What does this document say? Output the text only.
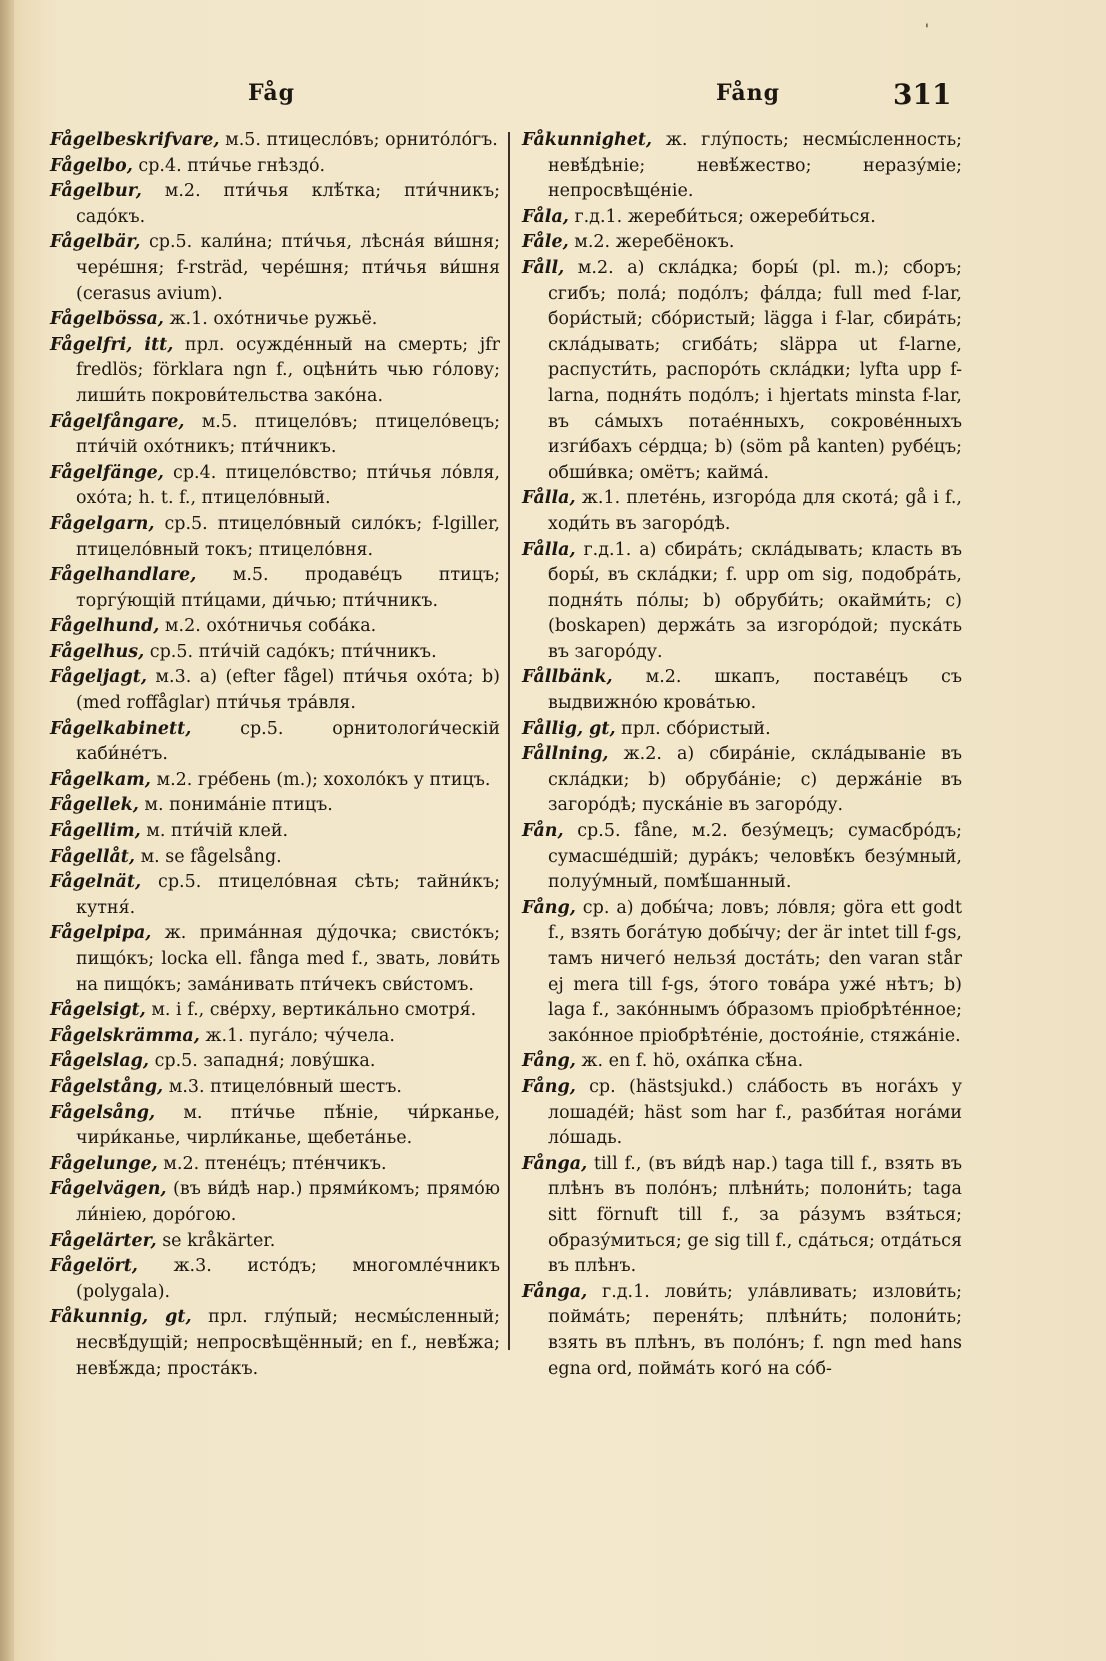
'
Fåg	Fång	311
Fågelbeskrifvare, м.5. птицесло́въ; орнито́ло́гъ.
Fågelbo, ср.4. пти́чье гнѣздо́.
Fågelbur, м.2. пти́чья клѣ́тка; пти́чникъ; садо́къ.
Fågelbär, ср.5. кали́на; пти́чья, лѣсна́я ви́шня; чере́шня; f-rsträd, чере́шня; пти́чья ви́шня (cerasus avium).
Fågelbössa, ж.1. охо́тничье ружьё.
Fågelfri, itt, прл. осужде́нный на смерть; jfr fredlös; förklara ngn f., оцѣни́ть чью го́лову; лиши́ть покрови́тельства зако́на.
Fågelfångare, м.5. птицело́въ; птицело́вецъ; пти́чій охо́тникъ; пти́чникъ.
Fågelfänge, ср.4. птицело́вство; пти́чья ло́вля, охо́та; h. t. f., птицело́вный.
Fågelgarn, ср.5. птицело́вный сило́къ; f-lgiller, птицело́вный токъ; птицело́вня.
Fågelhandlare, м.5. продаве́цъ птицъ; торгу́ющій пти́цами, ди́чью; пти́чникъ.
Fågelhund, м.2. охо́тничья соба́ка.
Fågelhus, ср.5. пти́чій садо́къ; пти́чникъ.
Fågeljagt, м.3. a) (efter fågel) пти́чья охо́та; b) (med roffåglar) пти́чья тра́вля.
Fågelkabinett, ср.5. орнитологи́ческій каби́не́тъ.
Fågelkam, м.2. гре́бень (m.); хохоло́къ у птицъ.
Fågellek, м. понима́ніе птицъ.
Fågellim, м. пти́чій клей.
Fågellåt, м. se fågelsång.
Fågelnät, ср.5. птицело́вная сѣть; тайни́къ; кутня́.
Fågelpipa, ж. прима́нная ду́дочка; свисто́къ; пищо́къ; locka ell. fånga med f., звать, лови́ть на пищо́къ; зама́нивать пти́чекъ сви́стомъ.
Fågelsigt, м. i f., све́рху, вертика́льно смотря́.
Fågelskrämma, ж.1. пуга́ло; чу́чела.
Fågelslag, ср.5. западня́; лову́шка.
Fågelstång, м.3. птицело́вный шестъ.
Fågelsång, м. пти́чье пѣ́ніе, чи́рканье, чири́канье, чирли́канье, щебета́нье.
Fågelunge, м.2. птене́цъ; птéнчикъ.
Fågelvägen, (въ ви́дѣ нар.) прями́комъ; прямо́ю ли́ніею, доро́гою.
Fågelärter, se kråkärter.
Fågelört, ж.3. исто́дъ; многомле́чникъ (polygala).
Fåkunnig, gt, прл. глу́пый; несмы́сленный; несвѣ́дущій; непросвѣщённый; en f., невѣ́жа; невѣ́жда; проста́къ.
Fåkunnighet, ж. глу́пость; несмы́сленность; невѣ́дѣніе; невѣ́жество; неразу́міе; непросвѣще́ніе.
Fåla, г.д.1. жереби́ться; ожереби́ться.
Fåle, м.2. жеребёнокъ.
Fåll, м.2. a) скла́дка; боры́ (pl. m.); сборъ; сгибъ; пола́; подо́лъ; фа́лда; full med f-lar, бори́стый; сбо́ристый; lägga i f-lar, сбира́ть; скла́дывать; сгиба́ть; släppa ut f-larne, распусти́ть, распоро́ть скла́дки; lyfta upp f-larna, подня́ть подо́лъ; i hjertats minsta f-lar, въ са́мыхъ потае́нныхъ, сокрове́нныхъ изги́бахъ се́рдца; b) (söm på kanten) рубе́цъ; обши́вка; омётъ; кайма́.
Fålla, ж.1. плете́нь, изгоро́да для скота́; gå i f., ходи́ть въ загоро́дѣ.
Fålla, г.д.1. a) сбира́ть; скла́дывать; класть въ боры́, въ скла́дки; f. upp om sig, подобра́ть, подня́ть по́лы; b) обруби́ть; окайми́ть; c) (boskapen) держа́ть за изгоро́дой; пуска́ть въ загоро́ду.
Fållbänk, м.2. шкапъ, поставе́цъ съ выдвижно́ю крова́тью.
Fållig, gt, прл. сбо́ристый.
Fållning, ж.2. a) сбира́ніе, скла́дываніе въ скла́дки; b) обруба́ніе; c) держа́ніе въ загоро́дѣ; пуска́ніе въ загоро́ду.
Fån, ср.5. fåne, м.2. безу́мецъ; сумасбро́дъ; сумасше́дшій; дура́къ; человѣ́къ безу́мный, полуу́мный, помѣ́шанный.
Fång, ср. a) добы́ча; ловъ; ло́вля; göra ett godt f., взять бога́тую добы́чу; der är intet till f-gs, тамъ ничего́ нельзя́ доста́ть; den varan står ej mera till f-gs, э́того това́ра уже́ нѣтъ; b) laga f., зако́ннымъ о́бразомъ пріобрѣте́нное; зако́нное пріобрѣте́ніе, достоя́ніе, стяжа́ніе.
Fång, ж. en f. hö, оха́пка сѣ́на.
Fång, ср. (hästsjukd.) сла́бость въ нога́хъ у лошаде́й; häst som har f., разби́тая нога́ми ло́шадь.
Fånga, till f., (въ ви́дѣ нар.) taga till f., взять въ плѣнъ въ поло́нъ; плѣни́ть; полони́ть; taga sitt förnuft till f., за ра́зумъ взя́ться; образу́миться; ge sig till f., сда́ться; отда́ться въ плѣнъ.
Fånga, г.д.1. лови́ть; ула́вливать; излови́ть; пойма́ть; переня́ть; плѣни́ть; полони́ть; взять въ плѣнъ, въ поло́нъ; f. ngn med hans egna ord, пойма́ть кого́ на со́б-
